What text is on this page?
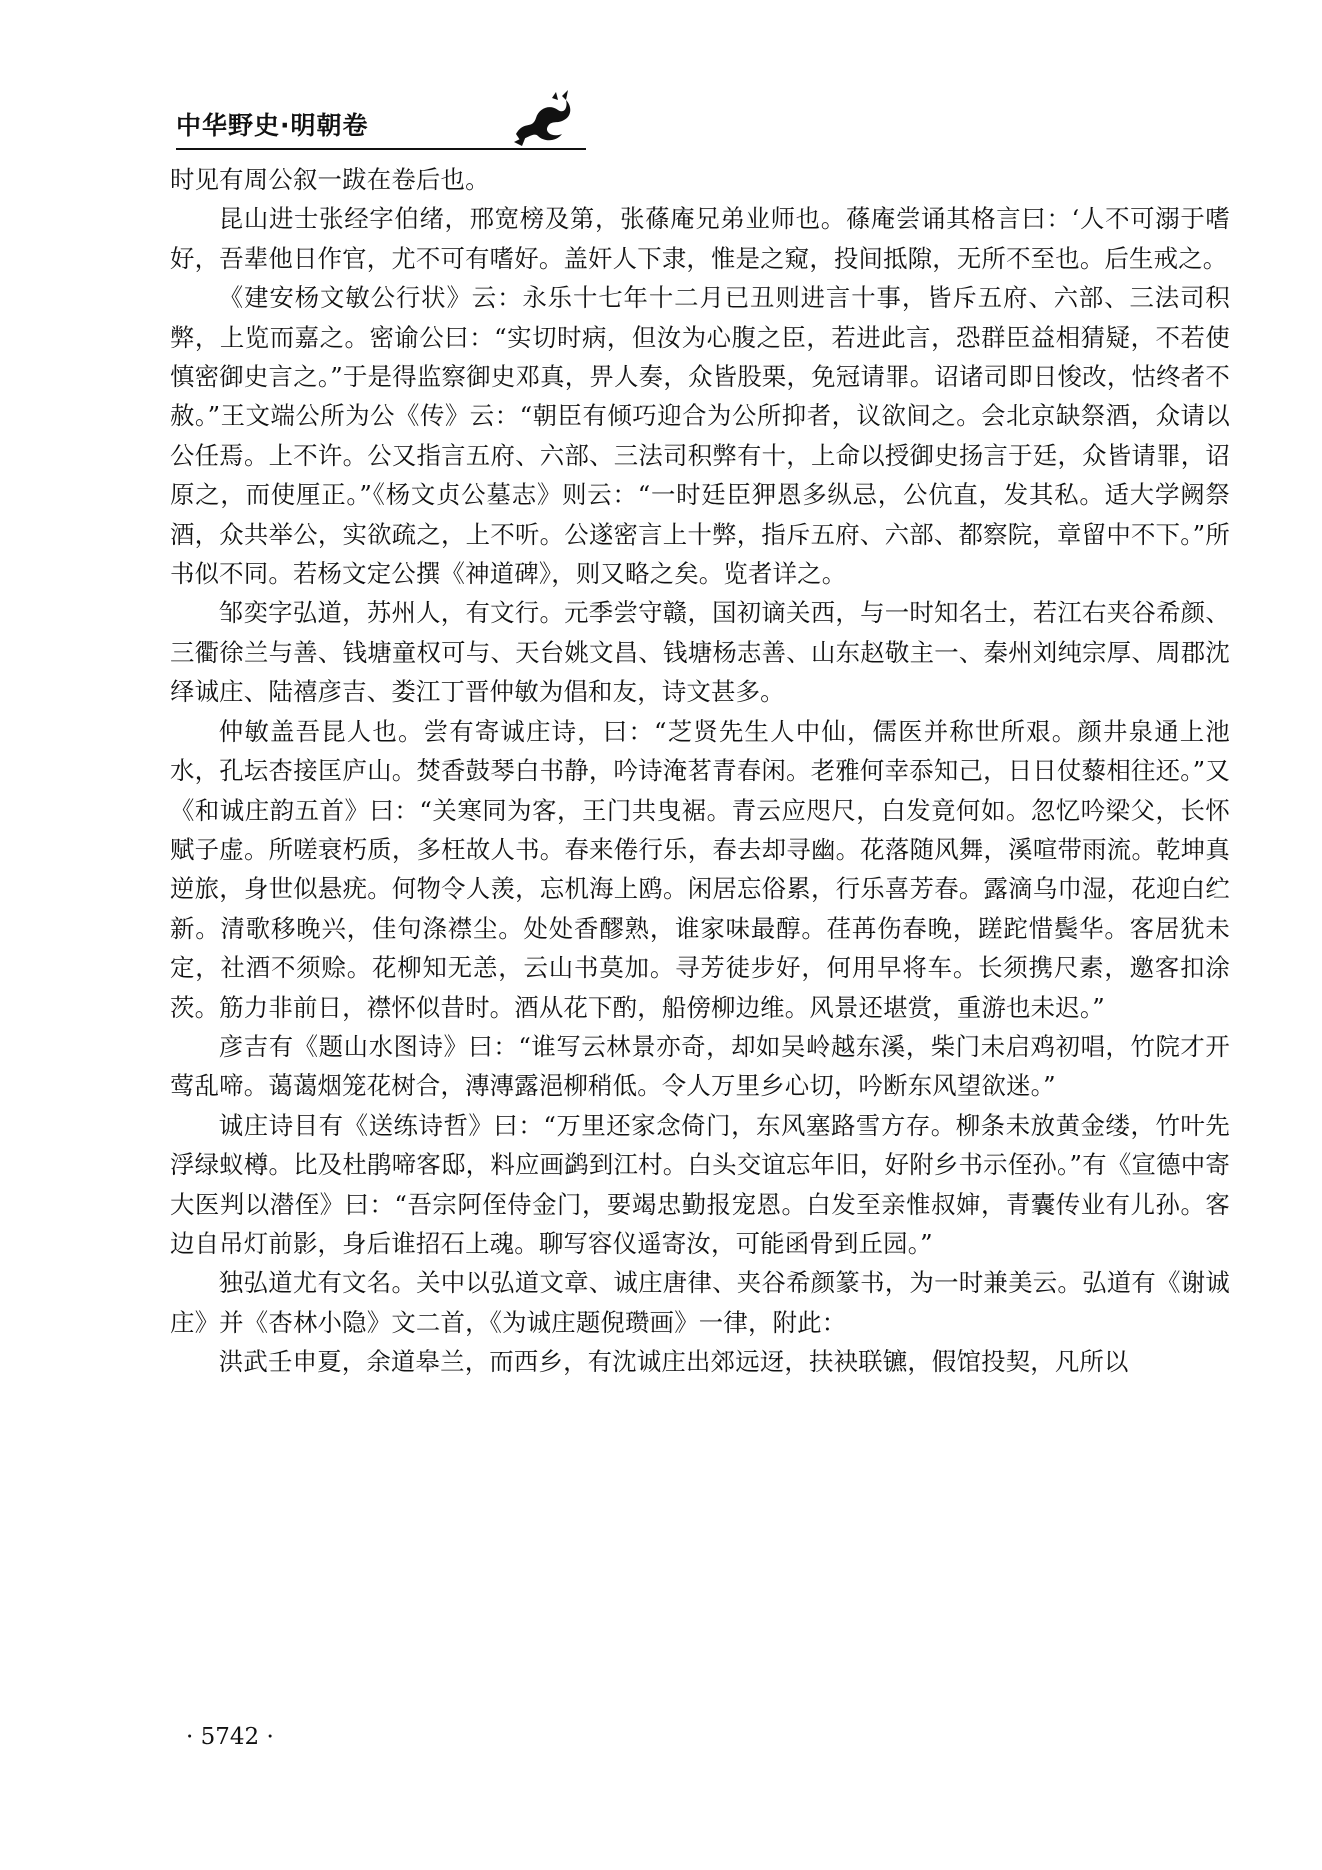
中华野史·明朝卷

时见有周公叙一跋在卷后也。

昆山进士张经字伯绪，邢宽榜及第，张蓧庵兄弟业师也。蓧庵尝诵其格言曰：‘人不可溺于嗜好，吾辈他日作官，尤不可有嗜好。盖奸人下隶，惟是之窥，投间抵隙，无所不至也。后生戒之。

《建安杨文敏公行状》云：永乐十七年十二月已丑则进言十事，皆斥五府、六部、三法司积弊，上览而嘉之。密谕公曰：“实切时病，但汝为心腹之臣，若进此言，恐群臣益相猜疑，不若使慎密御史言之。”于是得监察御史邓真，畀人奏，众皆股栗，免冠请罪。诏诸司即日悛改，怙终者不赦。”王文端公所为公《传》云：“朝臣有倾巧迎合为公所抑者，议欲间之。会北京缺祭酒，众请以公任焉。上不许。公又指言五府、六部、三法司积弊有十，上命以授御史扬言于廷，众皆请罪，诏原之，而使厘正。”《杨文贞公墓志》则云：“一时廷臣狎恩多纵忌，公伉直，发其私。适大学阙祭酒，众共举公，实欲疏之，上不听。公遂密言上十弊，指斥五府、六部、都察院，章留中不下。”所书似不同。若杨文定公撰《神道碑》，则又略之矣。览者详之。

邹奕字弘道，苏州人，有文行。元季尝守赣，国初谪关西，与一时知名士，若江右夹谷希颜、三衢徐兰与善、钱塘童权可与、天台姚文昌、钱塘杨志善、山东赵敬主一、秦州刘纯宗厚、周郡沈绎诚庄、陆禧彦吉、娄江丁晋仲敏为倡和友，诗文甚多。

仲敏盖吾昆人也。尝有寄诚庄诗，曰：“芝贤先生人中仙，儒医并称世所艰。颜井泉通上池水，孔坛杏接匡庐山。焚香鼓琴白书静，吟诗淹茗青春闲。老雅何幸忝知己，日日仗藜相往还。”又《和诚庄韵五首》曰：“关寒同为客，王门共曳裾。青云应咫尺，白发竟何如。忽忆吟梁父，长怀赋子虚。所嗟衰朽质，多枉故人书。春来倦行乐，春去却寻幽。花落随风舞，溪喧带雨流。乾坤真逆旅，身世似悬疣。何物令人羡，忘机海上鸥。闲居忘俗累，行乐喜芳春。露滴乌巾湿，花迎白纻新。清歌移晚兴，佳句涤襟尘。处处香醪熟，谁家味最醇。荏苒伤春晚，蹉跎惜鬓华。客居犹未定，社酒不须赊。花柳知无恙，云山书莫加。寻芳徒步好，何用早将车。长须携尺素，邀客扣涂茨。筋力非前日，襟怀似昔时。酒从花下酌，船傍柳边维。风景还堪赏，重游也未迟。”

彦吉有《题山水图诗》曰：“谁写云林景亦奇，却如吴岭越东溪，柴门未启鸡初唱，竹院才开莺乱啼。蔼蔼烟笼花树合，漙漙露浥柳稍低。令人万里乡心切，吟断东风望欲迷。”

诚庄诗目有《送练诗哲》曰：“万里还家念倚门，东风塞路雪方存。柳条未放黄金缕，竹叶先浮绿蚁樽。比及杜鹃啼客邸，料应画鹢到江村。白头交谊忘年旧，好附乡书示侄孙。”有《宣德中寄大医判以潜侄》曰：“吾宗阿侄侍金门，要竭忠勤报宠恩。白发至亲惟叔婶，青囊传业有儿孙。客边自吊灯前影，身后谁招石上魂。聊写容仪遥寄汝，可能函骨到丘园。”

独弘道尤有文名。关中以弘道文章、诚庄唐律、夹谷希颜篆书，为一时兼美云。弘道有《谢诚庄》并《杏林小隐》文二首，《为诚庄题倪瓒画》一律，附此：

洪武壬申夏，余道皋兰，而西乡，有沈诚庄出郊远迓，扶袂联镳，假馆投契，凡所以

· 5742 ·
